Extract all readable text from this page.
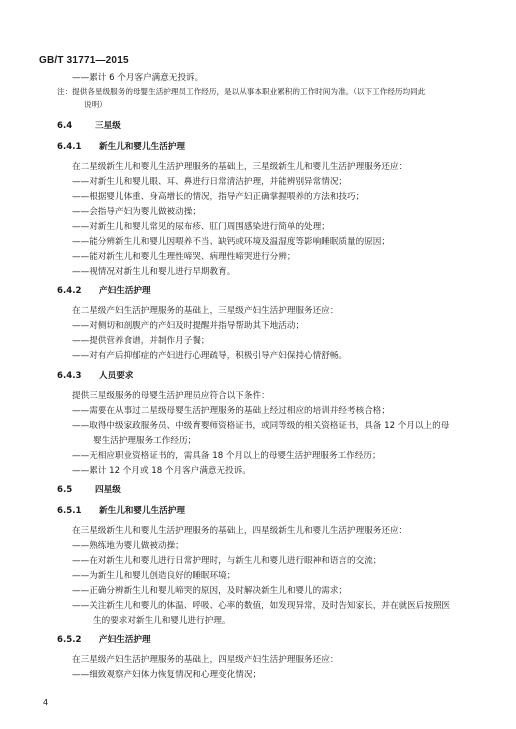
GB/T 31771—2015
——累计 6 个月客户满意无投诉。
注：提供各星级服务的母婴生活护理员工作经历，是以从事本职业累积的工作时间为准。（以下工作经历均同此
说明）
6.4	三星级
6.4.1 新生儿和婴儿生活护理
在二星级新生儿和婴儿生活护理服务的基础上，三星级新生儿和婴儿生活护理服务还应：
——对新生儿和婴儿眼、耳、鼻进行日常清洁护理，并能辨别异常情况；
——根据婴儿体重、身高增长的情况，指导产妇正确掌握喂养的方法和技巧；
——会指导产妇为婴儿做被动操；
——对新生儿和婴儿常见的尿布疹、肛门周围感染进行简单的处理；
——能分辨新生儿和婴儿因喂养不当、缺钙或环境及温湿度等影响睡眠质量的原因；
——能对新生儿和婴儿生理性啼哭、病理性啼哭进行分辨；
——视情况对新生儿和婴儿进行早期教育。
6.4.2 产妇生活护理
在二星级产妇生活护理服务的基础上，三星级产妇生活护理服务还应：
——对侧切和剖腹产的产妇及时提醒并指导帮助其下地活动；
——提供营养食谱，并制作月子餐；
——对有产后抑郁症的产妇进行心理疏导，积极引导产妇保持心情舒畅。
6.4.3 人员要求
提供三星级服务的母婴生活护理员应符合以下条件：
——需要在从事过二星级母婴生活护理服务的基础上经过相应的培训并经考核合格；
——取得中级家政服务员、中级育婴师资格证书，或同等级的相关资格证书，具备 12 个月以上的母
婴生活护理服务工作经历；
——无相应职业资格证书的，需具备 18 个月以上的母婴生活护理服务工作经历；
——累计 12 个月或 18 个月客户满意无投诉。
6.5	四星级
6.5.1 新生儿和婴儿生活护理
在三星级新生儿和婴儿生活护理服务的基础上，四星级新生儿和婴儿生活护理服务还应：
——熟练地为婴儿做被动操；
——在对新生儿和婴儿进行日常护理时，与新生儿和婴儿进行眼神和语言的交流；
——为新生儿和婴儿创造良好的睡眠环境；
——正确分辨新生儿和婴儿啼哭的原因，及时解决新生儿和婴儿的需求；
——关注新生儿和婴儿的体温、呼吸、心率的数值，如发现异常，及时告知家长，并在就医后按照医
生的要求对新生儿和婴儿进行护理。
6.5.2 产妇生活护理
在三星级产妇生活护理服务的基础上，四星级产妇生活护理服务还应：
——细致观察产妇体力恢复情况和心理变化情况；
4
